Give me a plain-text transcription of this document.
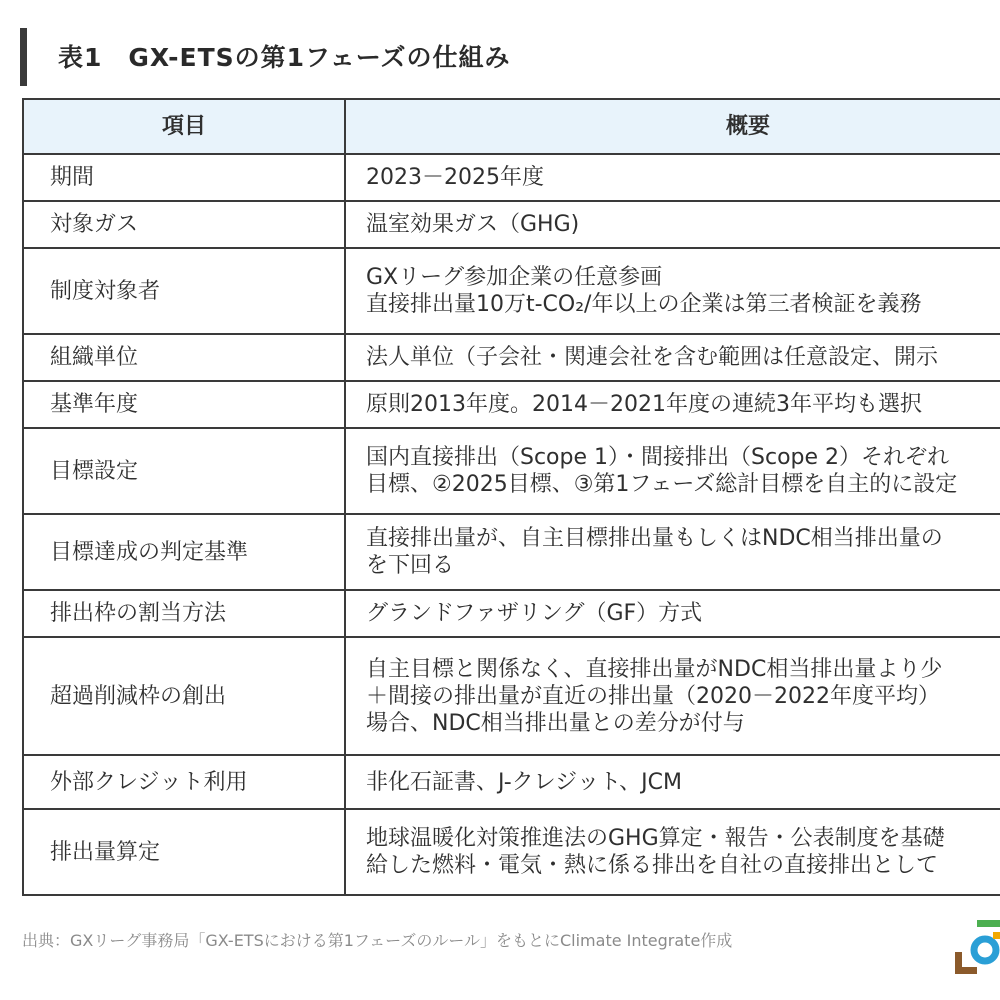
表1　GX-ETSの第1フェーズの仕組み
項目	概要
期間	2023－2025年度

対象ガス	温室効果ガス（GHG)

制度対象者	GXリーグ参加企業の任意参画
直接排出量10万t-CO₂/年以上の企業は第三者検証を義務

組織単位	法人単位（子会社・関連会社を含む範囲は任意設定、開示

基準年度	原則2013年度。2014－2021年度の連続3年平均も選択

目標設定	国内直接排出（Scope 1）・間接排出（Scope 2）それぞれ
目標、②2025目標、③第1フェーズ総計目標を自主的に設定

目標達成の判定基準	直接排出量が、自主目標排出量もしくはNDC相当排出量の
を下回る

排出枠の割当方法	グランドファザリング（GF）方式

超過削減枠の創出	自主目標と関係なく、直接排出量がNDC相当排出量より少
＋間接の排出量が直近の排出量（2020－2022年度平均）
場合、NDC相当排出量との差分が付与

外部クレジット利用	非化石証書、J-クレジット、JCM

排出量算定	地球温暖化対策推進法のGHG算定・報告・公表制度を基礎
給した燃料・電気・熱に係る排出を自社の直接排出として
出典：GXリーグ事務局「GX-ETSにおける第1フェーズのルール」をもとにClimate Integrate作成
